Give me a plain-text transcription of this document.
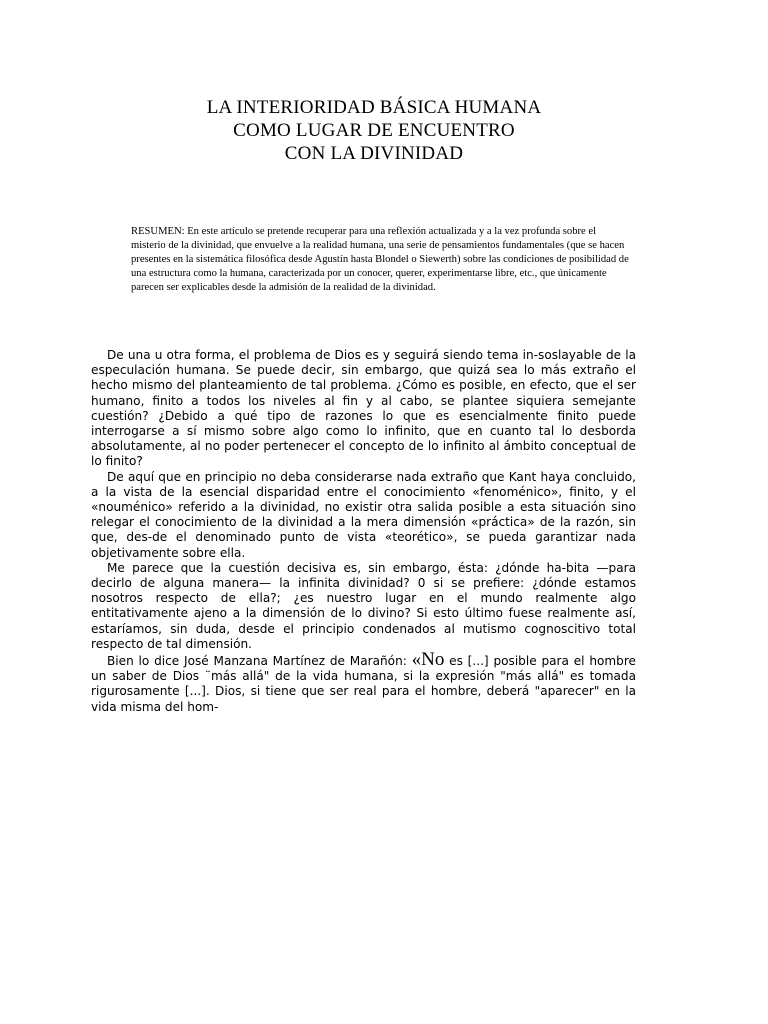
LA INTERIORIDAD BÁSICA HUMANA
COMO LUGAR DE ENCUENTRO
CON LA DIVINIDAD
RESUMEN: En este artículo se pretende recuperar para una reflexión actualizada y a la vez profunda sobre el misterio de la divinidad, que envuelve a la realidad humana, una serie de pensamientos fundamentales (que se hacen presentes en la sistemática filosófica desde Agustín hasta Blondel o Siewerth) sobre las condiciones de posibilidad de una estructura como la humana, caracterizada por un conocer, querer, experimentarse libre, etc., que únicamente parecen ser explicables desde la admisión de la realidad de la divinidad.

De una u otra forma, el problema de Dios es y seguirá siendo tema in-soslayable de la especulación humana. Se puede decir, sin embargo, que quizá sea lo más extraño el hecho mismo del planteamiento de tal problema. ¿Cómo es posible, en efecto, que el ser humano, finito a todos los niveles al fin y al cabo, se plantee siquiera semejante cuestión? ¿Debido a qué tipo de razones lo que es esencialmente finito puede interrogarse a sí mismo sobre algo como lo infinito, que en cuanto tal lo desborda absolutamente, al no poder pertenecer el concepto de lo infinito al ámbito conceptual de lo finito?

De aquí que en principio no deba considerarse nada extraño que Kant haya concluido, a la vista de la esencial disparidad entre el conocimiento «fenoménico», finito, y el «nouménico» referido a la divinidad, no existir otra salida posible a esta situación sino relegar el conocimiento de la divinidad a la mera dimensión «práctica» de la razón, sin que, des-de el denominado punto de vista «teorético», se pueda garantizar nada objetivamente sobre ella.

Me parece que la cuestión decisiva es, sin embargo, ésta: ¿dónde ha-bita —para decirlo de alguna manera— la infinita divinidad? 0 si se prefiere: ¿dónde estamos nosotros respecto de ella?; ¿es nuestro lugar en el mundo realmente algo entitativamente ajeno a la dimensión de lo divino? Si esto último fuese realmente así, estaríamos, sin duda, desde el principio condenados al mutismo cognoscitivo total respecto de tal dimensión.

Bien lo dice José Manzana Martínez de Marañón: «No es [...] posible para el hombre un saber de Dios ¨más allá" de la vida humana, si la expresión "más allá" es tomada rigurosamente [...]. Dios, si tiene que ser real para el hombre, deberá "aparecer" en la vida misma del hom-
